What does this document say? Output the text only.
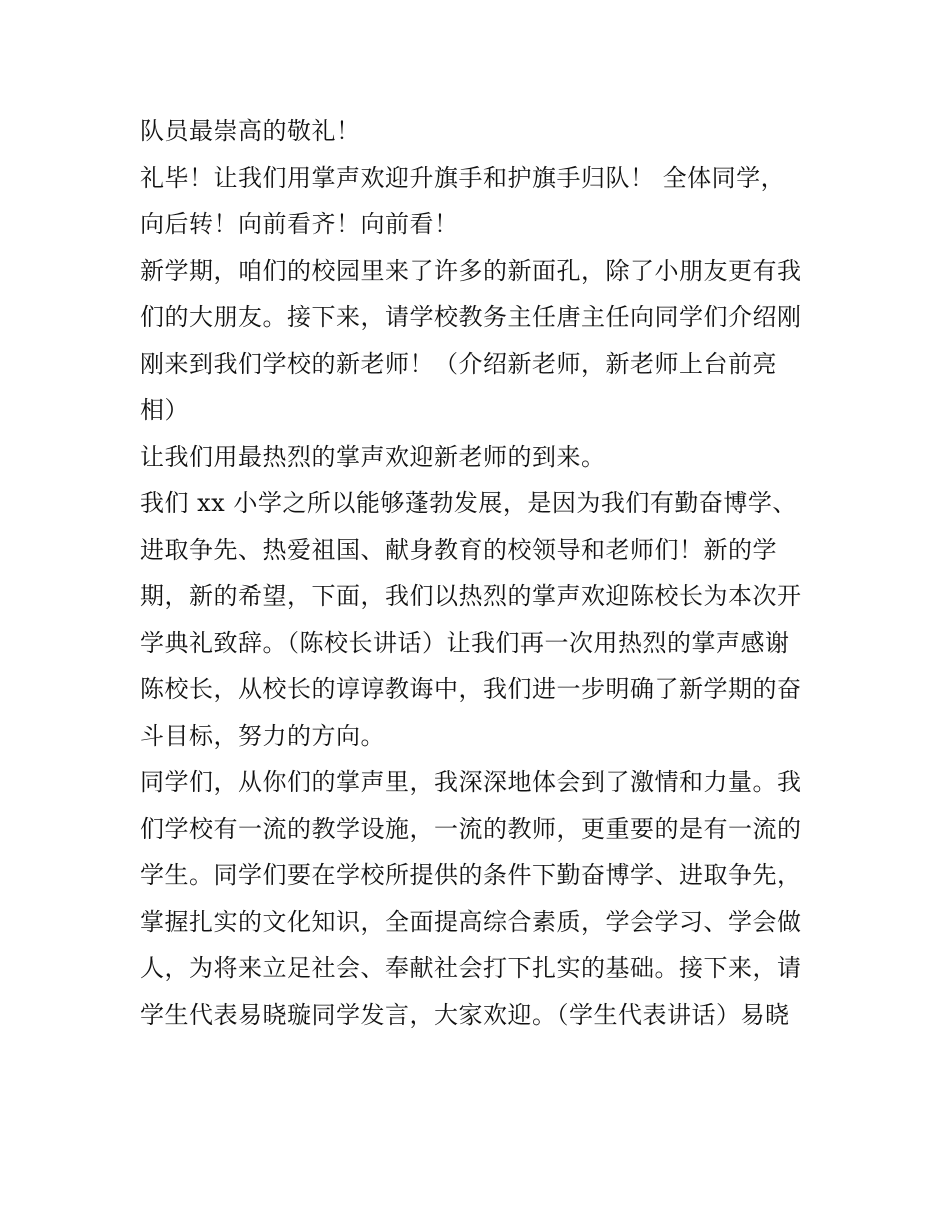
队员最崇高的敬礼！
礼毕！让我们用掌声欢迎升旗手和护旗手归队！ 全体同学，
向后转！向前看齐！向前看！
新学期，咱们的校园里来了许多的新面孔，除了小朋友更有我
们的大朋友。接下来，请学校教务主任唐主任向同学们介绍刚
刚来到我们学校的新老师！（介绍新老师，新老师上台前亮
相）
让我们用最热烈的掌声欢迎新老师的到来。
我们 xx 小学之所以能够蓬勃发展，是因为我们有勤奋博学、
进取争先、热爱祖国、献身教育的校领导和老师们！新的学
期，新的希望，下面，我们以热烈的掌声欢迎陈校长为本次开
学典礼致辞。（陈校长讲话）让我们再一次用热烈的掌声感谢
陈校长，从校长的谆谆教诲中，我们进一步明确了新学期的奋
斗目标，努力的方向。
同学们，从你们的掌声里，我深深地体会到了激情和力量。我
们学校有一流的教学设施，一流的教师，更重要的是有一流的
学生。同学们要在学校所提供的条件下勤奋博学、进取争先，
掌握扎实的文化知识，全面提高综合素质，学会学习、学会做
人，为将来立足社会、奉献社会打下扎实的基础。接下来，请
学生代表易晓璇同学发言，大家欢迎。（学生代表讲话）易晓
